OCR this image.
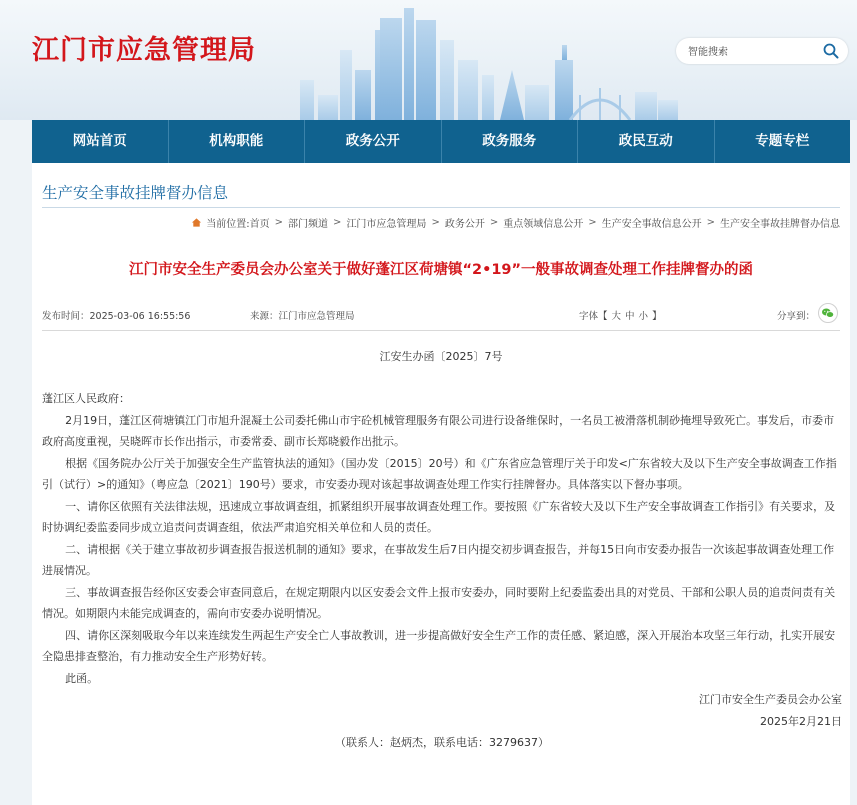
江门市应急管理局
智能搜索
网站首页	机构职能	政务公开	政务服务	政民互动	专题专栏
生产安全事故挂牌督办信息
当前位置: 首页 > 部门频道 > 江门市应急管理局 > 政务公开 > 重点领域信息公开 > 生产安全事故信息公开 > 生产安全事故挂牌督办信息
江门市安全生产委员会办公室关于做好蓬江区荷塘镇“2•19”一般事故调查处理工作挂牌督办的函
发布时间：2025-03-06 16:55:56	来源：江门市应急管理局	字体【 大 中 小 】	分享到：
江安生办函〔2025〕7号

蓬江区人民政府：

2月19日，蓬江区荷塘镇江门市旭升混凝土公司委托佛山市宇砼机械管理服务有限公司进行设备维保时，一名员工被滑落机制砂掩埋导致死亡。事发后，市委市政府高度重视，吴晓晖市长作出指示，市委常委、副市长郑晓毅作出批示。

根据《国务院办公厅关于加强安全生产监管执法的通知》（国办发〔2015〕20号）和《广东省应急管理厅关于印发<广东省较大及以下生产安全事故调查工作指引（试行）>的通知》（粤应急〔2021〕190号）要求，市安委办现对该起事故调查处理工作实行挂牌督办。具体落实以下督办事项。

一、请你区依照有关法律法规，迅速成立事故调查组，抓紧组织开展事故调查处理工作。要按照《广东省较大及以下生产安全事故调查工作指引》有关要求，及时协调纪委监委同步成立追责问责调查组，依法严肃追究相关单位和人员的责任。

二、请根据《关于建立事故初步调查报告报送机制的通知》要求，在事故发生后7日内提交初步调查报告，并每15日向市安委办报告一次该起事故调查处理工作进展情况。

三、事故调查报告经你区安委会审查同意后，在规定期限内以区安委会文件上报市安委办，同时要附上纪委监委出具的对党员、干部和公职人员的追责问责有关情况。如期限内未能完成调查的，需向市安委办说明情况。

四、请你区深刻吸取今年以来连续发生两起生产安全亡人事故教训，进一步提高做好安全生产工作的责任感、紧迫感，深入开展治本攻坚三年行动，扎实开展安全隐患排查整治，有力推动安全生产形势好转。

此函。

江门市安全生产委员会办公室

2025年2月21日

（联系人：赵炳杰，联系电话：3279637）
